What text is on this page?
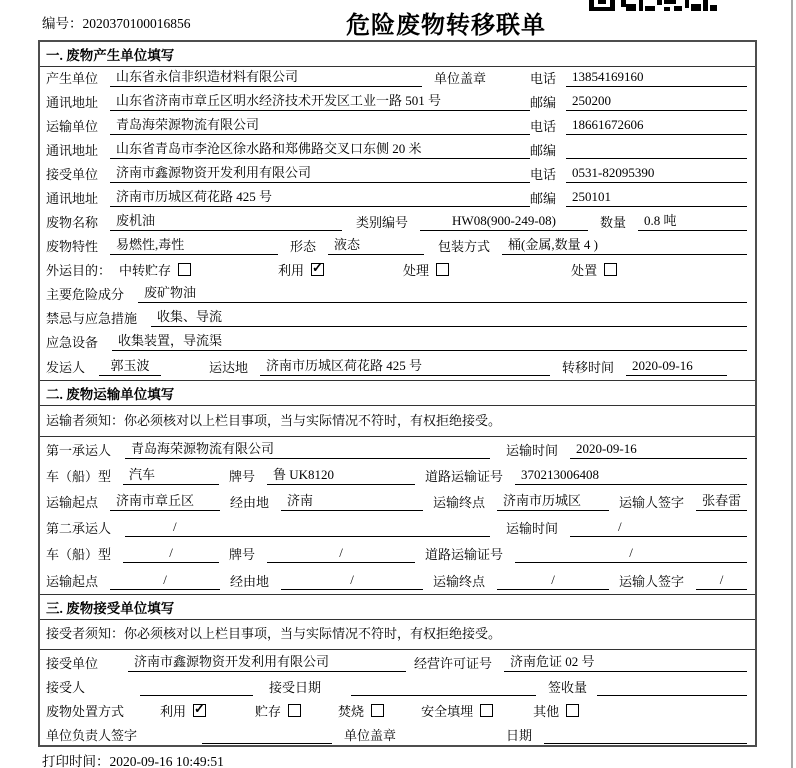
编号：2020370100016856	危险废物转移联单
一. 废物产生单位填写
产生单位	山东省永信非织造材料有限公司	单位盖章	电话	13854169160
通讯地址	山东省济南市章丘区明水经济技术开发区工业一路 501 号	邮编	250200
运输单位	青岛海荣源物流有限公司	电话	18661672606
通讯地址	山东省青岛市李沧区徐水路和郑佛路交叉口东侧 20 米	邮编
接受单位	济南市鑫源物资开发利用有限公司	电话	0531-82095390
通讯地址	济南市历城区荷花路 425 号	邮编	250101
废物名称	废机油	类别编号	HW08(900-249-08)	数量	0.8 吨
废物特性	易燃性,毒性	形态	液态	包装方式	桶(金属,数量 4 )
外运目的： 中转贮存	利用 ✓	处理	处置
主要危险成分	废矿物油
禁忌与应急措施	收集、导流
应急设备	收集装置，导流渠
发运人	郭玉波	运达地	济南市历城区荷花路 425 号	转移时间	2020-09-16
二. 废物运输单位填写
运输者须知：你必须核对以上栏目事项，当与实际情况不符时，有权拒绝接受。
第一承运人	青岛海荣源物流有限公司	运输时间	2020-09-16
车（船）型	汽车	牌号	鲁 UK8120	道路运输证号	370213006408
运输起点	济南市章丘区	经由地	济南	运输终点	济南市历城区	运输人签字	张春雷
第二承运人	/	运输时间	/
车（船）型	/	牌号	/	道路运输证号	/
运输起点	/	经由地	/	运输终点	/	运输人签字	/
三. 废物接受单位填写
接受者须知：你必须核对以上栏目事项，当与实际情况不符时，有权拒绝接受。
接受单位	济南市鑫源物资开发利用有限公司	经营许可证号	济南危证 02 号
接受人	接受日期	签收量
废物处置方式	利用 ✓	贮存	焚烧	安全填埋	其他
单位负责人签字	单位盖章	日期
打印时间：2020-09-16 10:49:51
